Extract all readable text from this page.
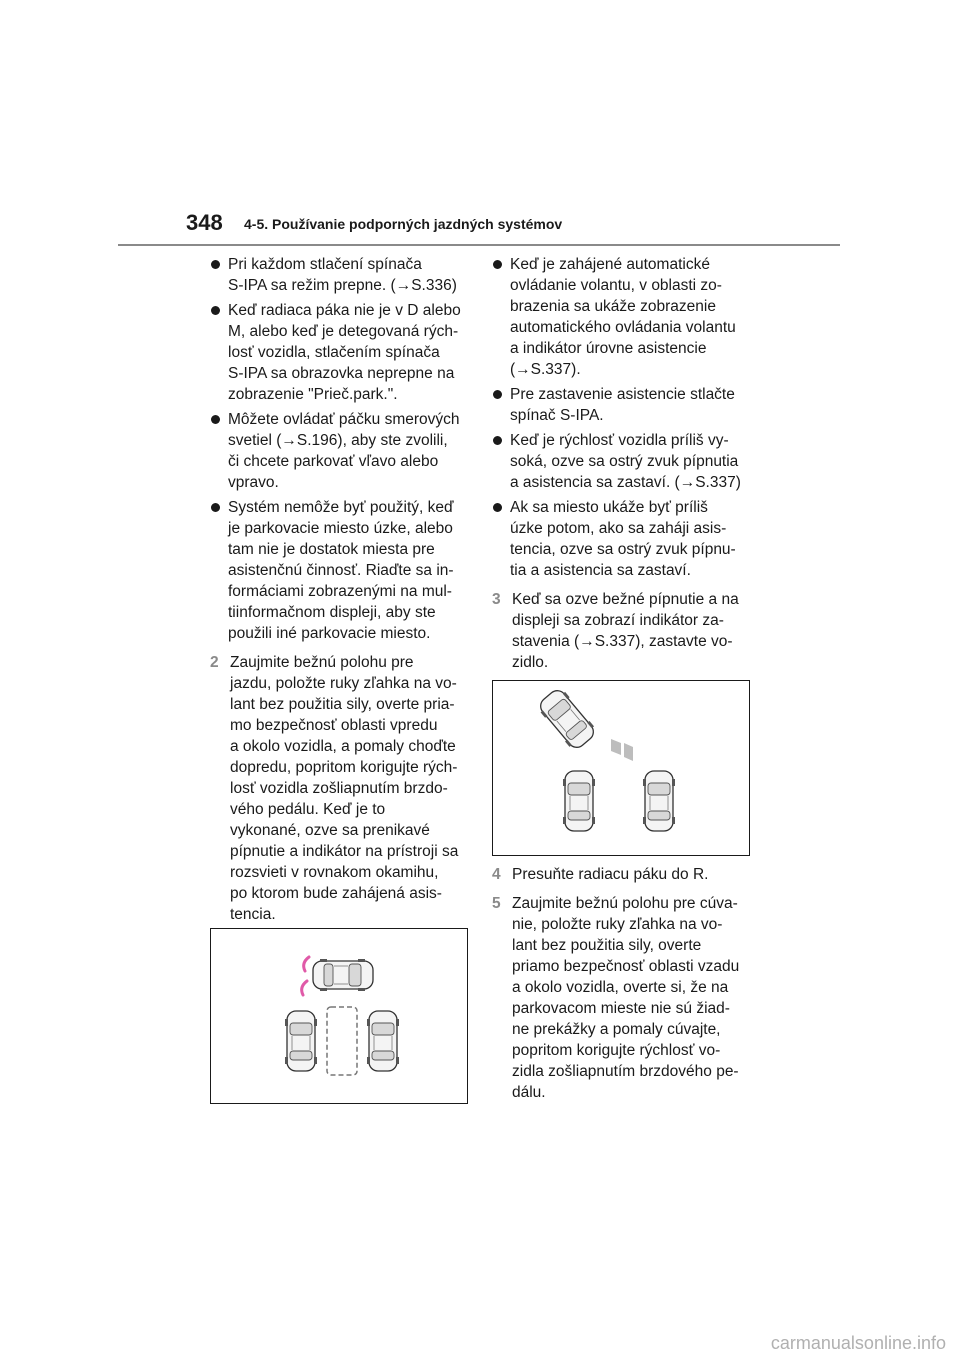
348 4-5. Používanie podporných jazdných systémov
Pri každom stlačení spínača
S-IPA sa režim prepne. (→S.336)
Keď radiaca páka nie je v D alebo
M, alebo keď je detegovaná rých-
losť vozidla, stlačením spínača
S-IPA sa obrazovka neprepne na
zobrazenie "Prieč.park.".
Môžete ovládať páčku smerových
svetiel (→S.196), aby ste zvolili,
či chcete parkovať vľavo alebo
vpravo.
Systém nemôže byť použitý, keď
je parkovacie miesto úzke, alebo
tam nie je dostatok miesta pre
asistenčnú činnosť. Riaďte sa in-
formáciami zobrazenými na mul-
tiinformačnom displeji, aby ste
použili iné parkovacie miesto.
2 Zaujmite bežnú polohu pre
jazdu, položte ruky zľahka na vo-
lant bez použitia sily, overte pria-
mo bezpečnosť oblasti vpredu
a okolo vozidla, a pomaly choďte
dopredu, popritom korigujte rých-
losť vozidla zošliapnutím brzdo-
vého pedálu. Keď je to
vykonané, ozve sa prenikavé
pípnutie a indikátor na prístroji sa
rozsvieti v rovnakom okamihu,
po ktorom bude zahájená asis-
tencia.
Keď je zahájené automatické
ovládanie volantu, v oblasti zo-
brazenia sa ukáže zobrazenie
automatického ovládania volantu
a indikátor úrovne asistencie
(→S.337).
Pre zastavenie asistencie stlačte
spínač S-IPA.
Keď je rýchlosť vozidla príliš vy-
soká, ozve sa ostrý zvuk pípnutia
a asistencia sa zastaví. (→S.337)
Ak sa miesto ukáže byť príliš
úzke potom, ako sa zaháji asis-
tencia, ozve sa ostrý zvuk pípnu-
tia a asistencia sa zastaví.
3 Keď sa ozve bežné pípnutie a na
displeji sa zobrazí indikátor za-
stavenia (→S.337), zastavte vo-
zidlo.
4 Presuňte radiacu páku do R.
5 Zaujmite bežnú polohu pre cúva-
nie, položte ruky zľahka na vo-
lant bez použitia sily, overte
priamo bezpečnosť oblasti vzadu
a okolo vozidla, overte si, že na
parkovacom mieste nie sú žiad-
ne prekážky a pomaly cúvajte,
popritom korigujte rýchlosť vo-
zidla zošliapnutím brzdového pe-
dálu.
carmanualsonline.info
